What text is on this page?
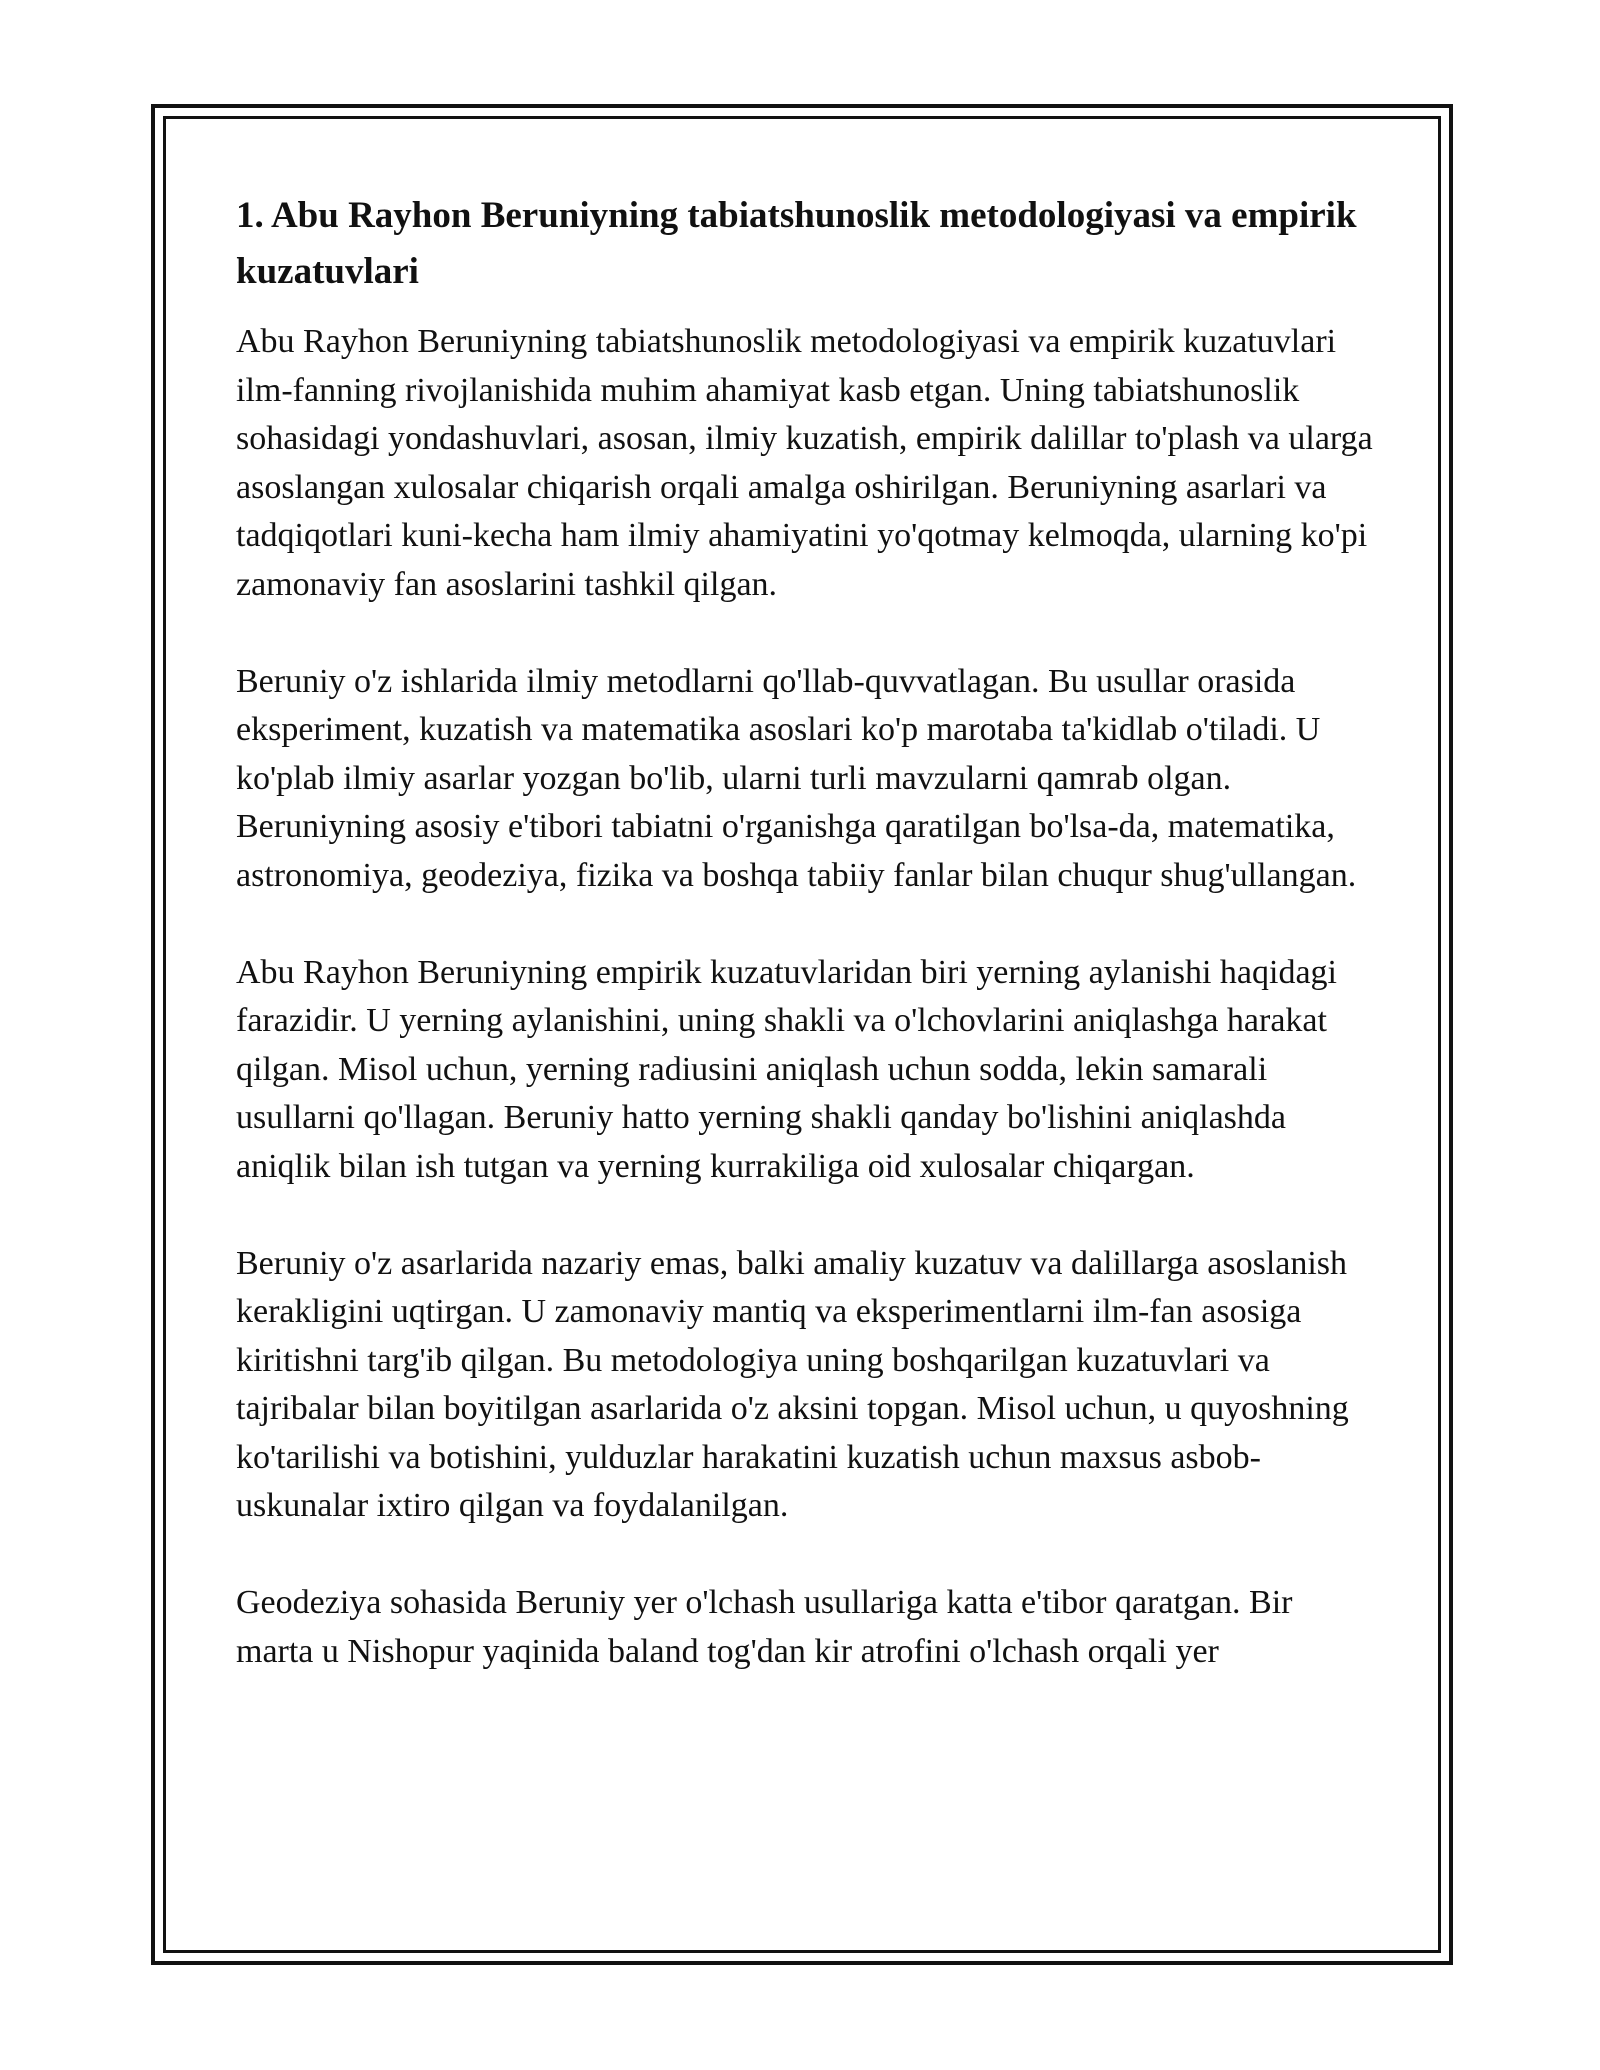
1. Abu Rayhon Beruniyning tabiatshunoslik metodologiyasi va empirik kuzatuvlari

Abu Rayhon Beruniyning tabiatshunoslik metodologiyasi va empirik kuzatuvlari ilm-fanning rivojlanishida muhim ahamiyat kasb etgan. Uning tabiatshunoslik sohasidagi yondashuvlari, asosan, ilmiy kuzatish, empirik dalillar to'plash va ularga asoslangan xulosalar chiqarish orqali amalga oshirilgan. Beruniyning asarlari va tadqiqotlari kuni-kecha ham ilmiy ahamiyatini yo'qotmay kelmoqda, ularning ko'pi zamonaviy fan asoslarini tashkil qilgan.

Beruniy o'z ishlarida ilmiy metodlarni qo'llab-quvvatlagan. Bu usullar orasida eksperiment, kuzatish va matematika asoslari ko'p marotaba ta'kidlab o'tiladi. U ko'plab ilmiy asarlar yozgan bo'lib, ularni turli mavzularni qamrab olgan. Beruniyning asosiy e'tibori tabiatni o'rganishga qaratilgan bo'lsa-da, matematika, astronomiya, geodeziya, fizika va boshqa tabiiy fanlar bilan chuqur shug'ullangan.

Abu Rayhon Beruniyning empirik kuzatuvlaridan biri yerning aylanishi haqidagi farazidir. U yerning aylanishini, uning shakli va o'lchovlarini aniqlashga harakat qilgan. Misol uchun, yerning radiusini aniqlash uchun sodda, lekin samarali usullarni qo'llagan. Beruniy hatto yerning shakli qanday bo'lishini aniqlashda aniqlik bilan ish tutgan va yerning kurrakiliga oid xulosalar chiqargan.

Beruniy o'z asarlarida nazariy emas, balki amaliy kuzatuv va dalillarga asoslanish kerakligini uqtirgan. U zamonaviy mantiq va eksperimentlarni ilm-fan asosiga kiritishni targ'ib qilgan. Bu metodologiya uning boshqarilgan kuzatuvlari va tajribalar bilan boyitilgan asarlarida o'z aksini topgan. Misol uchun, u quyoshning ko'tarilishi va botishini, yulduzlar harakatini kuzatish uchun maxsus asbob-uskunalar ixtiro qilgan va foydalanilgan.

Geodeziya sohasida Beruniy yer o'lchash usullariga katta e'tibor qaratgan. Bir marta u Nishopur yaqinida baland tog'dan kir atrofini o'lchash orqali yer
